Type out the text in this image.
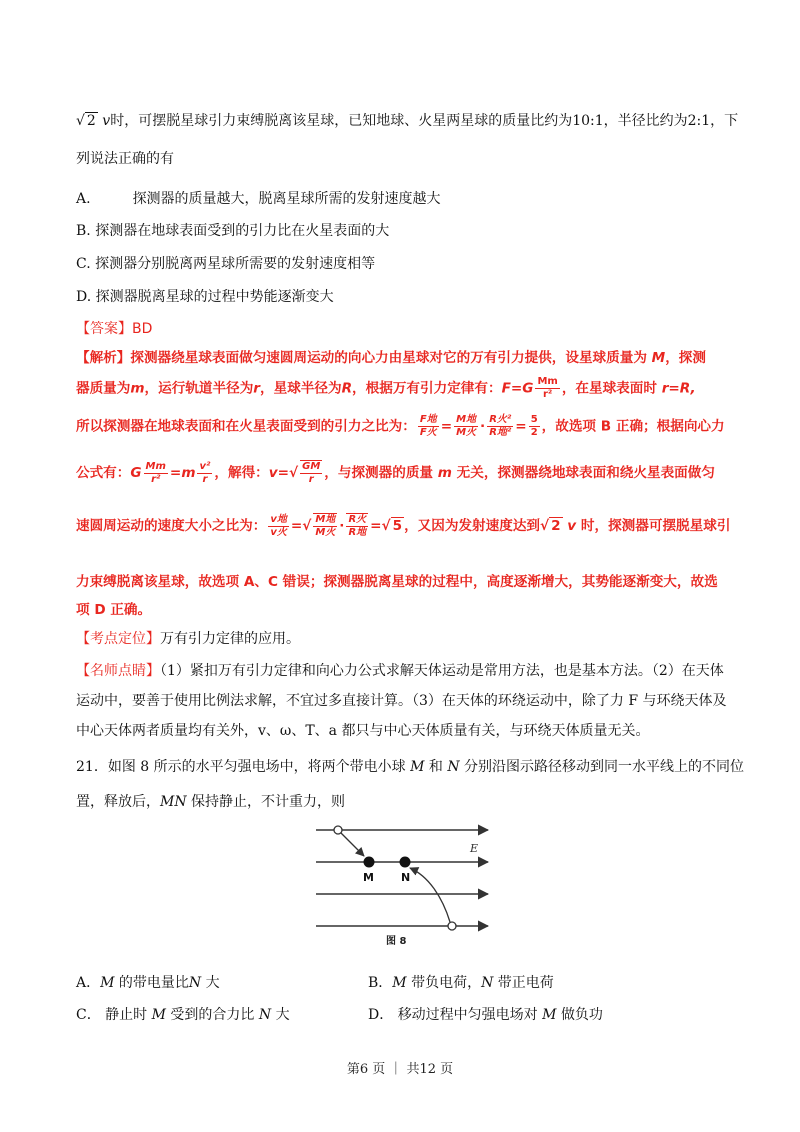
√ 2 v时，可摆脱星球引力束缚脱离该星球，已知地球、火星两星球的质量比约为10:1，半径比约为2:1，下
列说法正确的有
A.	探测器的质量越大，脱离星球所需的发射速度越大
B. 探测器在地球表面受到的引力比在火星表面的大
C. 探测器分别脱离两星球所需要的发射速度相等
D. 探测器脱离星球的过程中势能逐渐变大
【答案】BD
【解析】探测器绕星球表面做匀速圆周运动的向心力由星球对它的万有引力提供，设星球质量为 M，探测
器质量为m，运行轨道半径为r，星球半径为R，根据万有引力定律有：$F=G \frac{Mm}{\text{r²}}$ ，在星球表面时 r=R,
所以探测器在地球表面和在火星表面受到的引力之比为： $\frac{\text{F地}}{\text{F火}} = \frac{\text{M地}}{\text{M火}} \cdot \frac{\text{R火²}}{\text{R地²}} = \frac{5}{2}$ ，故选项 B 正确；根据向心力
公式有：G $\frac{Mm}{\text{r²}} =m \frac{\text{v²}}{r}$ ，解得：$v=√ \frac{GM}{r}$ ，与探测器的质量 m 无关，探测器绕地球表面和绕火星表面做匀
速圆周运动的速度大小之比为： $\frac{\text{v地}}{\text{v火}}$ =√ $\frac{\text{M地}}{\text{M火}} \cdot \frac{\text{R火}}{\text{R地}}$ =√ 5 ，又因为发射速度达到√ 2 v 时，探测器可摆脱星球引
力束缚脱离该星球，故选项 A、C 错误；探测器脱离星球的过程中，高度逐渐增大，其势能逐渐变大，故选
项 D 正确。
【考点定位】万有引力定律的应用。
【名师点睛】（1）紧扣万有引力定律和向心力公式求解天体运动是常用方法，也是基本方法。（2）在天体
运动中，要善于使用比例法求解，不宜过多直接计算。（3）在天体的环绕运动中，除了力 F 与环绕天体及
中心天体两者质量均有关外，v、ω、T、a 都只与中心天体质量有关，与环绕天体质量无关。
21．如图 8 所示的水平匀强电场中，将两个带电小球 M 和 N 分别沿图示路径移动到同一水平线上的不同位
置，释放后，MN 保持静止，不计重力，则
E
M N
图 8
A．M 的带电量比N 大	B．M 带负电荷，N 带正电荷
C． 静止时 M 受到的合力比 N 大	D． 移动过程中匀强电场对 M 做负功
第6 页 ｜ 共12 页
